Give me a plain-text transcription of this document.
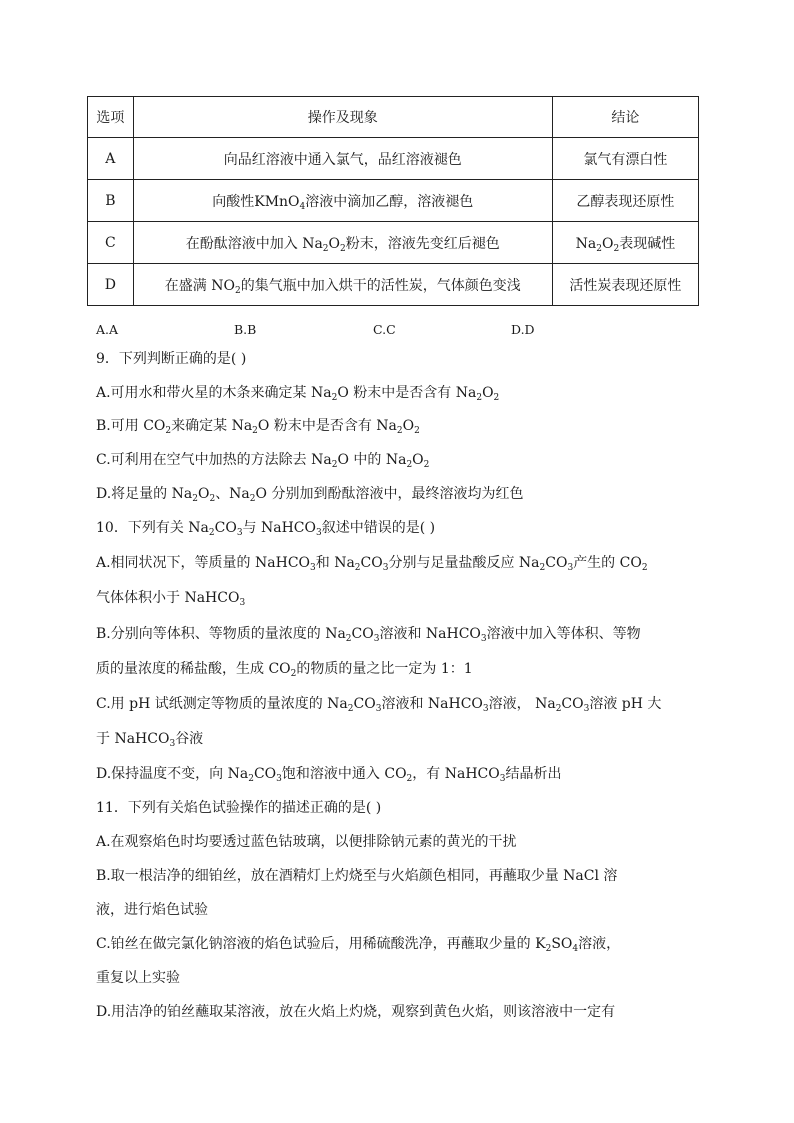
选项	操作及现象	结论
A	向品红溶液中通入氯气，品红溶液褪色	氯气有漂白性
B	向酸性KMnO$_4$溶液中滴加乙醇，溶液褪色	乙醇表现还原性
C	在酚酞溶液中加入 $Na_2O_2$粉末，溶液先变红后褪色	$Na_2O_2$表现碱性
D	在盛满 $NO_2$的集气瓶中加入烘干的活性炭，气体颜色变浅	活性炭表现还原性
A.A	B.B	C.C	D.D
9．下列判断正确的是( )
A.可用水和带火星的木条来确定某 $Na_2O$ 粉末中是否含有 $Na_2O_2$
B.可用 $CO_2$来确定某 $Na_2O$ 粉末中是否含有 $Na_2O_2$
C.可利用在空气中加热的方法除去 $Na_2O$ 中的 $Na_2O_2$
D.将足量的 $Na_2O_2$、$Na_2O$ 分别加到酚酞溶液中，最终溶液均为红色
10．下列有关 $Na_2CO_3$与 NaHCO$_3$叙述中错误的是( )
A.相同状况下，等质量的 NaHCO$_3$和 $Na_2CO_3$分别与足量盐酸反应 $Na_2CO_3$产生的 $CO_2$
气体体积小于 NaHCO$_3$
B.分别向等体积、等物质的量浓度的 $Na_2CO_3$溶液和 NaHCO$_3$溶液中加入等体积、等物
质的量浓度的稀盐酸，生成 $CO_2$的物质的量之比一定为 1：1
C.用 pH 试纸测定等物质的量浓度的 $Na_2CO_3$溶液和 NaHCO$_3$溶液， $Na_2CO_3$溶液 pH 大
于 NaHCO$_3$谷液
D.保持温度不变，向 $Na_2CO_3$饱和溶液中通入 $CO_2$，有 NaHCO$_3$结晶析出
11．下列有关焰色试验操作的描述正确的是( )
A.在观察焰色时均要透过蓝色钴玻璃，以便排除钠元素的黄光的干扰
B.取一根洁净的细铂丝，放在酒精灯上灼烧至与火焰颜色相同，再蘸取少量 NaCl 溶
液，进行焰色试验
C.铂丝在做完氯化钠溶液的焰色试验后，用稀硫酸洗净，再蘸取少量的 $K_2SO_4$溶液，
重复以上实验
D.用洁净的铂丝蘸取某溶液，放在火焰上灼烧，观察到黄色火焰，则该溶液中一定有
